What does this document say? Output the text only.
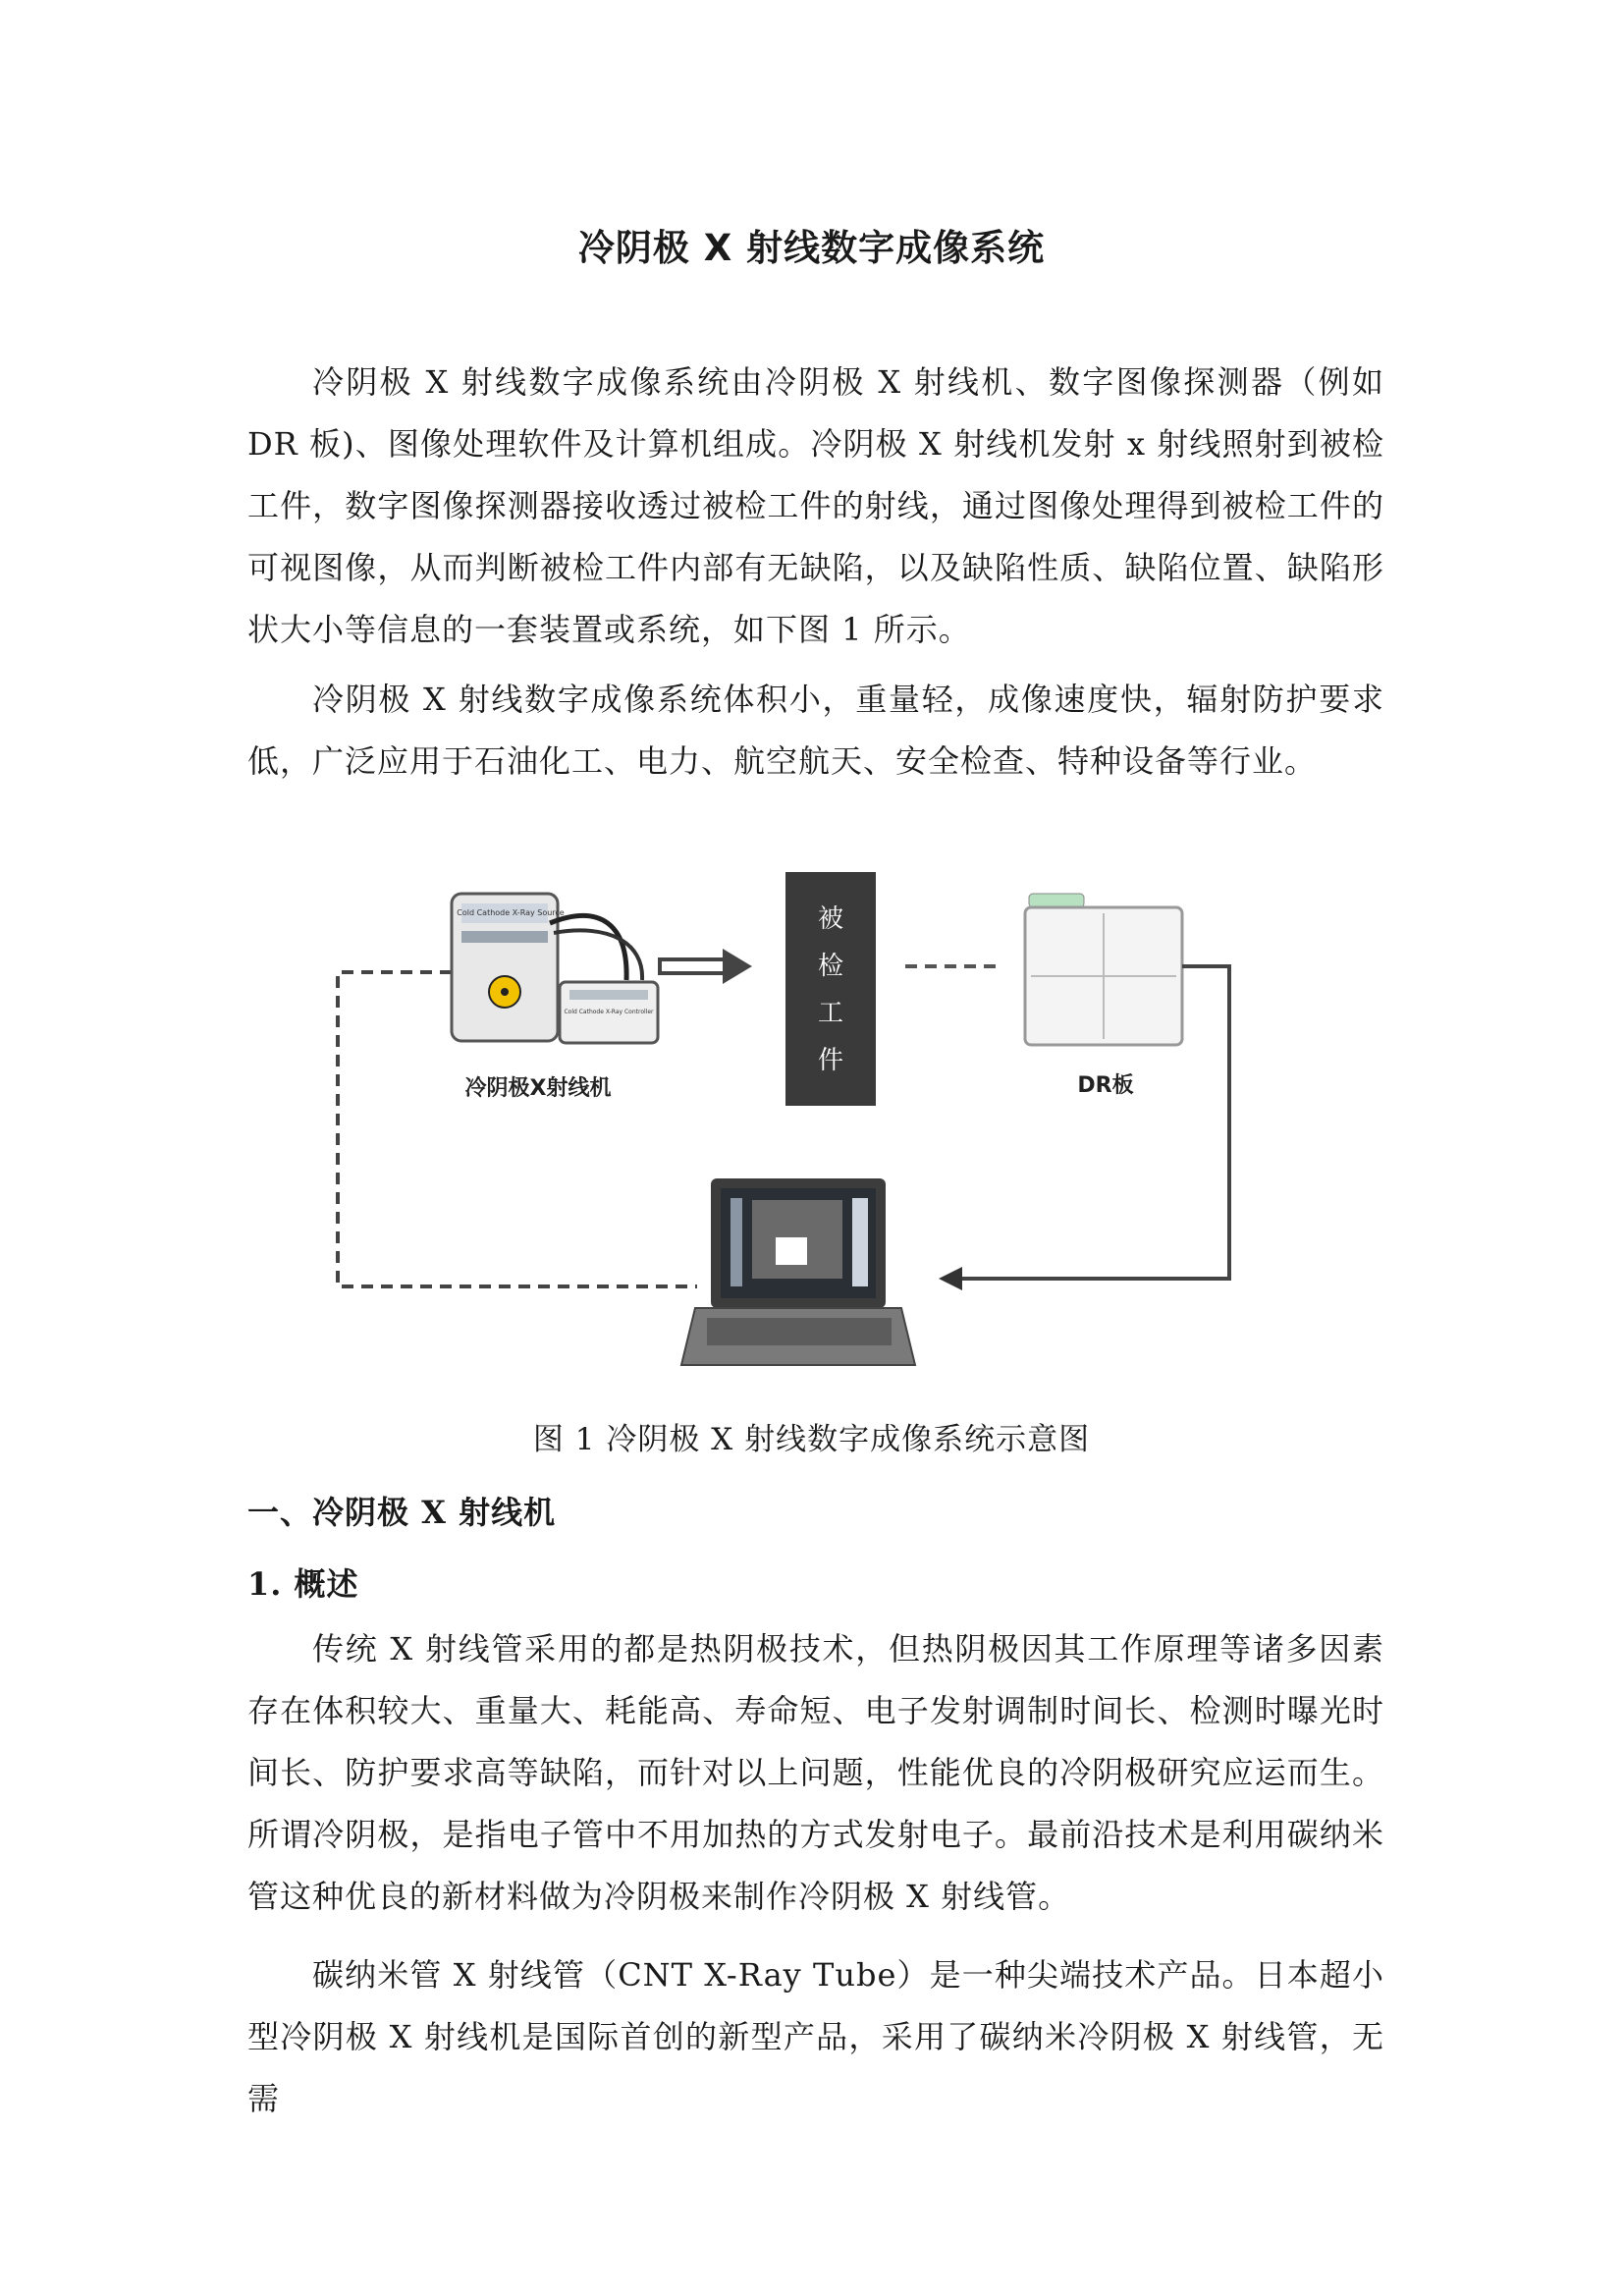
冷阴极 X 射线数字成像系统
冷阴极 X 射线数字成像系统由冷阴极 X 射线机、数字图像探测器（例如 DR 板)、图像处理软件及计算机组成。冷阴极 X 射线机发射 x 射线照射到被检工件，数字图像探测器接收透过被检工件的射线，通过图像处理得到被检工件的可视图像，从而判断被检工件内部有无缺陷，以及缺陷性质、缺陷位置、缺陷形状大小等信息的一套装置或系统，如下图 1 所示。
冷阴极 X 射线数字成像系统体积小，重量轻，成像速度快，辐射防护要求低，广泛应用于石油化工、电力、航空航天、安全检查、特种设备等行业。
Cold Cathode X-Ray Source
Cold Cathode X-Ray Controller
冷阴极X射线机
被
检
工
件
DR板
图 1 冷阴极 X 射线数字成像系统示意图
一、冷阴极 X 射线机
1. 概述
传统 X 射线管采用的都是热阴极技术，但热阴极因其工作原理等诸多因素存在体积较大、重量大、耗能高、寿命短、电子发射调制时间长、检测时曝光时间长、防护要求高等缺陷，而针对以上问题，性能优良的冷阴极研究应运而生。所谓冷阴极，是指电子管中不用加热的方式发射电子。最前沿技术是利用碳纳米管这种优良的新材料做为冷阴极来制作冷阴极 X 射线管。
碳纳米管 X 射线管（CNT X-Ray Tube）是一种尖端技术产品。日本超小型冷阴极 X 射线机是国际首创的新型产品，采用了碳纳米冷阴极 X 射线管，无需
